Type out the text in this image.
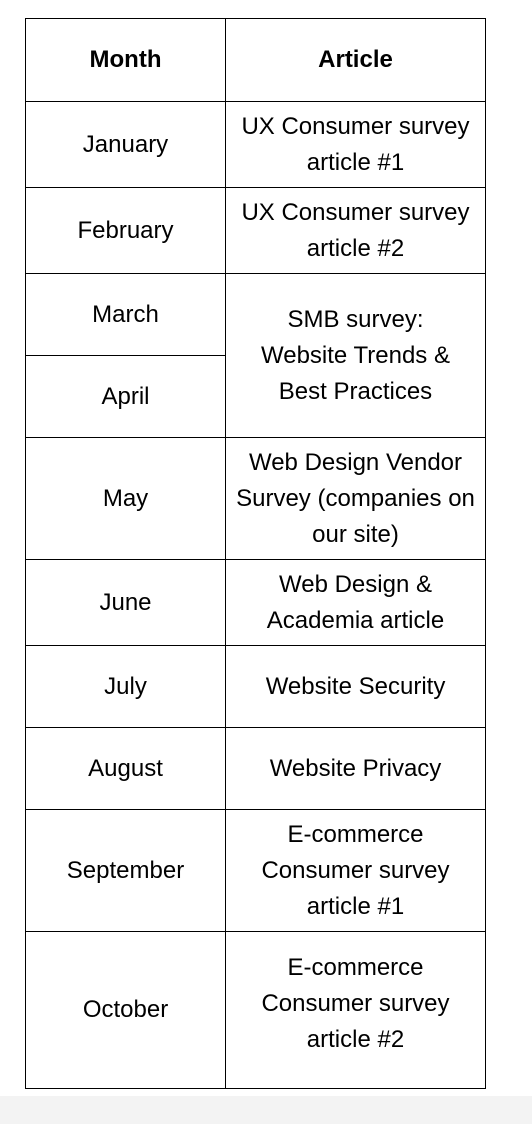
Month	Article
January	UX Consumer survey article #1
February	UX Consumer survey article #2
March	SMB survey: Website Trends & Best Practices
April	
May	Web Design Vendor Survey (companies on our site)
June	Web Design & Academia article
July	Website Security
August	Website Privacy
September	E-commerce Consumer survey article #1
October	E-commerce Consumer survey article #2
